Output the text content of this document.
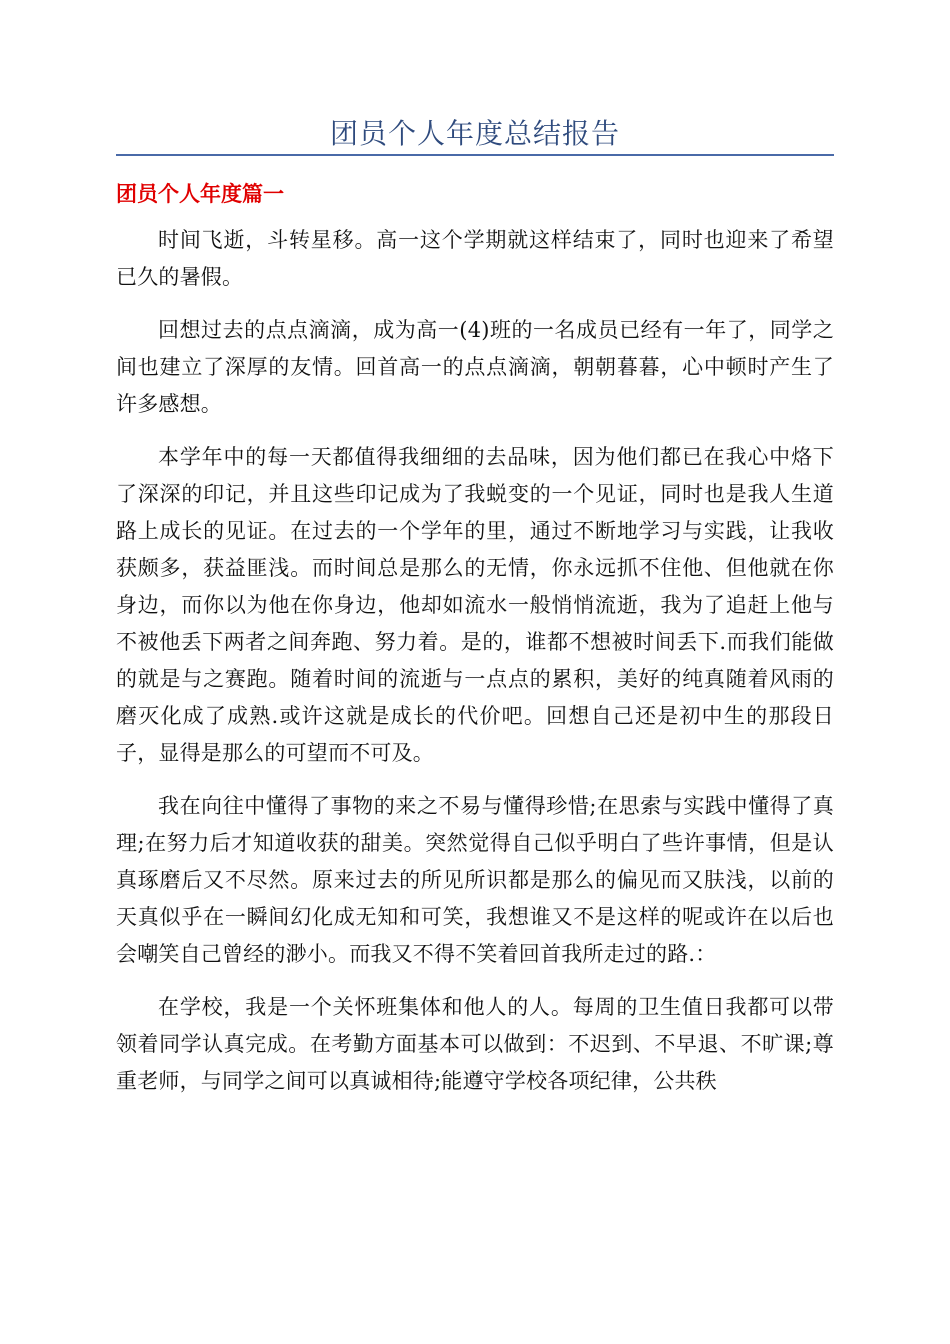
团员个人年度总结报告
团员个人年度篇一

时间飞逝，斗转星移。高一这个学期就这样结束了，同时也迎来了希望已久的暑假。

回想过去的点点滴滴，成为高一(4)班的一名成员已经有一年了，同学之间也建立了深厚的友情。回首高一的点点滴滴，朝朝暮暮，心中顿时产生了许多感想。

本学年中的每一天都值得我细细的去品味，因为他们都已在我心中烙下了深深的印记，并且这些印记成为了我蜕变的一个见证，同时也是我人生道路上成长的见证。在过去的一个学年的里，通过不断地学习与实践，让我收获颇多，获益匪浅。而时间总是那么的无情，你永远抓不住他、但他就在你身边，而你以为他在你身边，他却如流水一般悄悄流逝，我为了追赶上他与不被他丢下两者之间奔跑、努力着。是的，谁都不想被时间丢下.而我们能做的就是与之赛跑。随着时间的流逝与一点点的累积，美好的纯真随着风雨的磨灭化成了成熟.或许这就是成长的代价吧。回想自己还是初中生的那段日子，显得是那么的可望而不可及。

我在向往中懂得了事物的来之不易与懂得珍惜;在思索与实践中懂得了真理;在努力后才知道收获的甜美。突然觉得自己似乎明白了些许事情，但是认真琢磨后又不尽然。原来过去的所见所识都是那么的偏见而又肤浅，以前的天真似乎在一瞬间幻化成无知和可笑，我想谁又不是这样的呢或许在以后也会嘲笑自己曾经的渺小。而我又不得不笑着回首我所走过的路.：

在学校，我是一个关怀班集体和他人的人。每周的卫生值日我都可以带领着同学认真完成。在考勤方面基本可以做到：不迟到、不早退、不旷课;尊重老师，与同学之间可以真诚相待;能遵守学校各项纪律，公共秩
